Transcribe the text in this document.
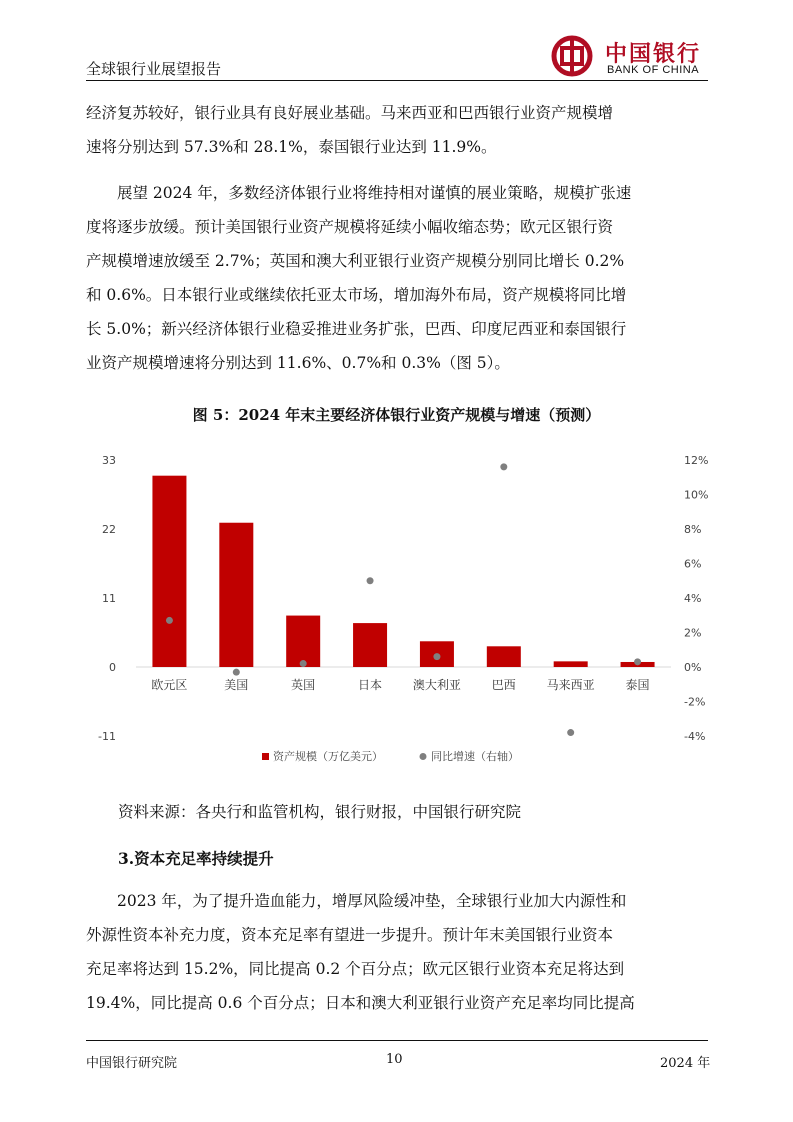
全球银行业展望报告
中国银行
BANK OF CHINA
经济复苏较好，银行业具有良好展业基础。马来西亚和巴西银行业资产规模增
速将分别达到 57.3%和 28.1%，泰国银行业达到 11.9%。
展望 2024 年，多数经济体银行业将维持相对谨慎的展业策略，规模扩张速
度将逐步放缓。预计美国银行业资产规模将延续小幅收缩态势；欧元区银行资
产规模增速放缓至 2.7%；英国和澳大利亚银行业资产规模分别同比增长 0.2%
和 0.6%。日本银行业或继续依托亚太市场，增加海外布局，资产规模将同比增
长 5.0%；新兴经济体银行业稳妥推进业务扩张，巴西、印度尼西亚和泰国银行
业资产规模增速将分别达到 11.6%、0.7%和 0.3%（图 5）。
图 5：2024 年末主要经济体银行业资产规模与增速（预测）
33
22
11
0
-11
12%
10%
8%
6%
4%
2%
0%
-2%
-4%
欧元区	美国	英国	日本	澳大利亚	巴西	马来西亚	泰国
资产规模（万亿美元）	同比增速（右轴）
资料来源：各央行和监管机构，银行财报，中国银行研究院
3.资本充足率持续提升
2023 年，为了提升造血能力，增厚风险缓冲垫，全球银行业加大内源性和
外源性资本补充力度，资本充足率有望进一步提升。预计年末美国银行业资本
充足率将达到 15.2%，同比提高 0.2 个百分点；欧元区银行业资本充足将达到
19.4%，同比提高 0.6 个百分点；日本和澳大利亚银行业资产充足率均同比提高
中国银行研究院	10	2024 年
